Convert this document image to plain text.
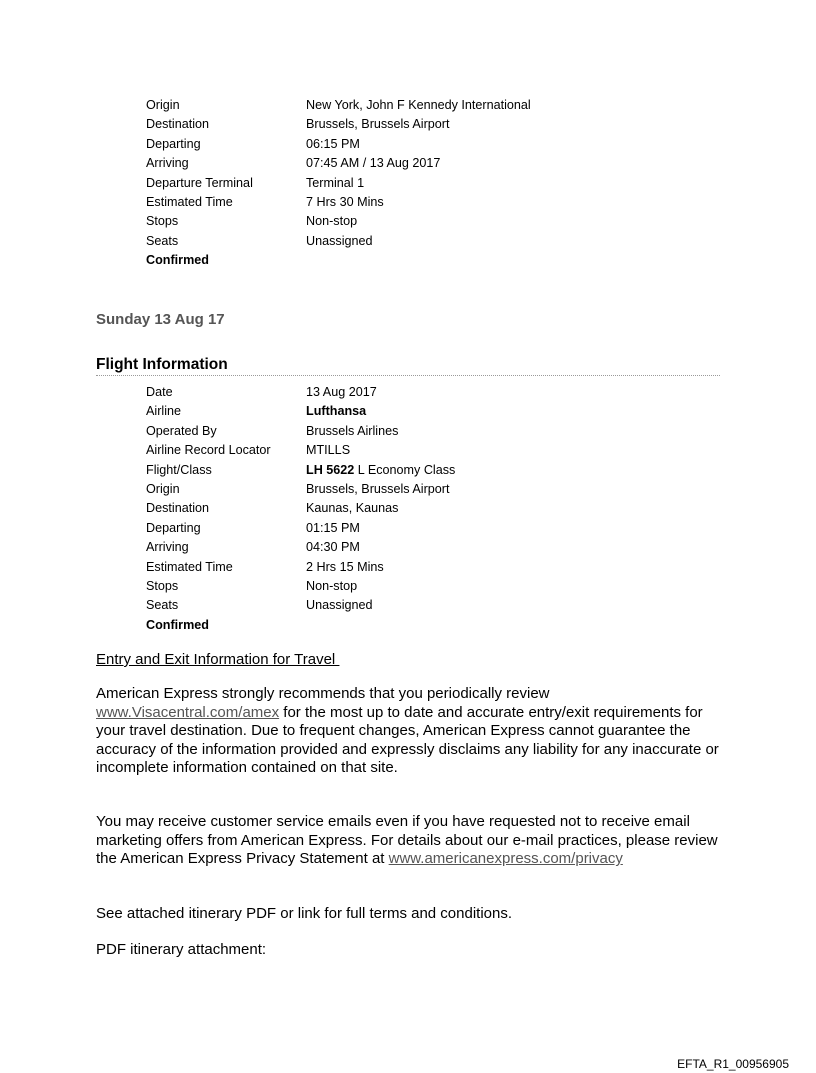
Origin	New York, John F Kennedy International
Destination	Brussels, Brussels Airport
Departing	06:15 PM
Arriving	07:45 AM / 13 Aug 2017
Departure Terminal	Terminal 1
Estimated Time	7 Hrs 30 Mins
Stops	Non-stop
Seats	Unassigned
Confirmed
Sunday 13 Aug 17
Flight Information
Date	13 Aug 2017
Airline	Lufthansa
Operated By	Brussels Airlines
Airline Record Locator	MTILLS
Flight/Class	LH 5622 L Economy Class
Origin	Brussels, Brussels Airport
Destination	Kaunas, Kaunas
Departing	01:15 PM
Arriving	04:30 PM
Estimated Time	2 Hrs 15 Mins
Stops	Non-stop
Seats	Unassigned
Confirmed
Entry and Exit Information for Travel
American Express strongly recommends that you periodically review www.Visacentral.com/amex for the most up to date and accurate entry/exit requirements for your travel destination. Due to frequent changes, American Express cannot guarantee the accuracy of the information provided and expressly disclaims any liability for any inaccurate or incomplete information contained on that site.
You may receive customer service emails even if you have requested not to receive email marketing offers from American Express. For details about our e-mail practices, please review the American Express Privacy Statement at www.americanexpress.com/privacy
See attached itinerary PDF or link for full terms and conditions.
PDF itinerary attachment:
EFTA_R1_00956905
